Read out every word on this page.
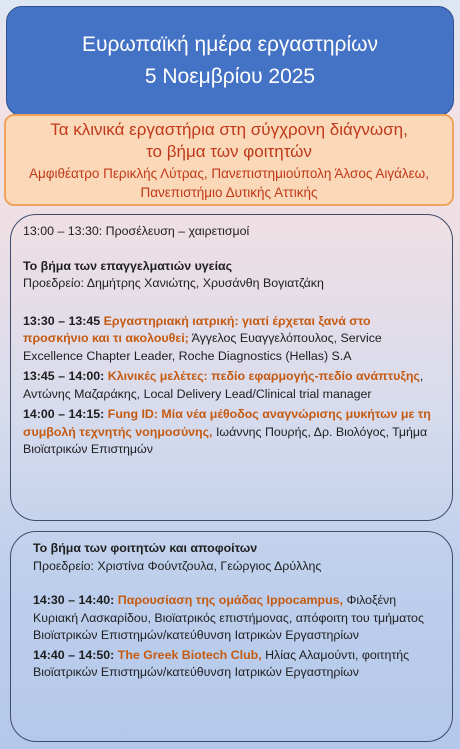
Ευρωπαϊκή ημέρα εργαστηρίων
5 Νοεμβρίου 2025
Τα κλινικά εργαστήρια στη σύγχρονη διάγνωση,
το βήμα των φοιτητών
Αμφιθέατρο Περικλής Λύτρας, Πανεπιστημιούπολη Άλσος Αιγάλεω,
Πανεπιστήμιο Δυτικής Αττικής

13:00 – 13:30: Προσέλευση – χαιρετισμοί

Το βήμα των επαγγελματιών υγείας

Προεδρείο: Δημήτρης Χανιώτης, Χρυσάνθη Βογιατζάκη

13:30 – 13:45 Εργαστηριακή ιατρική: γιατί έρχεται ξανά στο προσκήνιο και τι ακολουθεί; Άγγελος Ευαγγελόπουλος, Service Excellence Chapter Leader, Roche Diagnostics (Hellas) S.A

13:45 – 14:00: Κλινικές μελέτες: πεδίο εφαρμογής-πεδίο ανάπτυξης, Αντώνης Μαζαράκης, Local Delivery Lead/Clinical trial manager

14:00 – 14:15: Fung ID: Μία νέα μέθοδος αναγνώρισης μυκήτων με τη συμβολή τεχνητής νοημοσύνης, Ιωάννης Πουρής, Δρ. Βιολόγος, Τμήμα Βιοϊατρικών Επιστημών

Το βήμα των φοιτητών και αποφοίτων

Προεδρείο: Χριστίνα Φούντζουλα, Γεώργιος Δρύλλης

14:30 – 14:40: Παρουσίαση της ομάδας Ippocampus, Φιλοξένη Κυριακή Λασκαρίδου, Βιοϊατρικός επιστήμονας, απόφοιτη του τμήματος Βιοϊατρικών Επιστημών/κατεύθυνση Ιατρικών Εργαστηρίων

14:40 – 14:50: The Greek Biotech Club, Ηλίας Αλαμούντι, φοιτητής Βιοϊατρικών Επιστημών/κατεύθυνση Ιατρικών Εργαστηρίων
